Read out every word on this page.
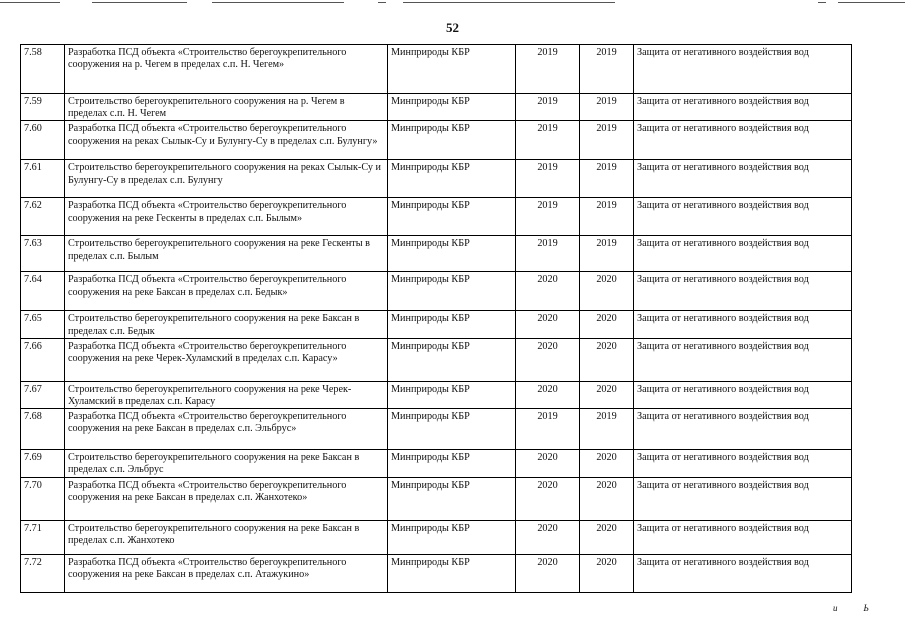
52
7.58	Разработка ПСД объекта «Строительство берегоукрепительного сооружения на р. Чегем в пределах с.п. Н. Чегем»	Минприроды КБР	2019	2019	Защита от негативного воздействия вод
7.59	Строительство берегоукрепительного сооружения на р. Чегем в пределах с.п. Н. Чегем	Минприроды КБР	2019	2019	Защита от негативного воздействия вод
7.60	Разработка ПСД объекта «Строительство берегоукрепительного сооружения на реках Сылык-Су и Булунгу-Су в пределах с.п. Булунгу»	Минприроды КБР	2019	2019	Защита от негативного воздействия вод
7.61	Строительство берегоукрепительного сооружения на реках Сылык-Су и Булунгу-Су в пределах с.п. Булунгу	Минприроды КБР	2019	2019	Защита от негативного воздействия вод
7.62	Разработка ПСД объекта «Строительство берегоукрепительного сооружения на реке Гескенты в пределах с.п. Былым»	Минприроды КБР	2019	2019	Защита от негативного воздействия вод
7.63	Строительство берегоукрепительного сооружения на реке Гескенты в пределах с.п. Былым	Минприроды КБР	2019	2019	Защита от негативного воздействия вод
7.64	Разработка ПСД объекта «Строительство берегоукрепительного сооружения на реке Баксан в пределах с.п. Бедык»	Минприроды КБР	2020	2020	Защита от негативного воздействия вод
7.65	Строительство берегоукрепительного сооружения на реке Баксан в пределах с.п. Бедык	Минприроды КБР	2020	2020	Защита от негативного воздействия вод
7.66	Разработка ПСД объекта «Строительство берегоукрепительного сооружения на реке Черек-Хуламский в пределах с.п. Карасу»	Минприроды КБР	2020	2020	Защита от негативного воздействия вод
7.67	Строительство берегоукрепительного сооружения на реке Черек-Хуламский в пределах с.п. Карасу	Минприроды КБР	2020	2020	Защита от негативного воздействия вод
7.68	Разработка ПСД объекта «Строительство берегоукрепительного сооружения на реке Баксан в пределах с.п. Эльбрус»	Минприроды КБР	2019	2019	Защита от негативного воздействия вод
7.69	Строительство берегоукрепительного сооружения на реке Баксан в пределах с.п. Эльбрус	Минприроды КБР	2020	2020	Защита от негативного воздействия вод
7.70	Разработка ПСД объекта «Строительство берегоукрепительного сооружения на реке Баксан в пределах с.п. Жанхотеко»	Минприроды КБР	2020	2020	Защита от негативного воздействия вод
7.71	Строительство берегоукрепительного сооружения на реке Баксан в пределах с.п. Жанхотеко	Минприроды КБР	2020	2020	Защита от негативного воздействия вод
7.72	Разработка ПСД объекта «Строительство берегоукрепительного сооружения на реке Баксан в пределах с.п. Атажукино»	Минприроды КБР	2020	2020	Защита от негативного воздействия вод
и	Ь
